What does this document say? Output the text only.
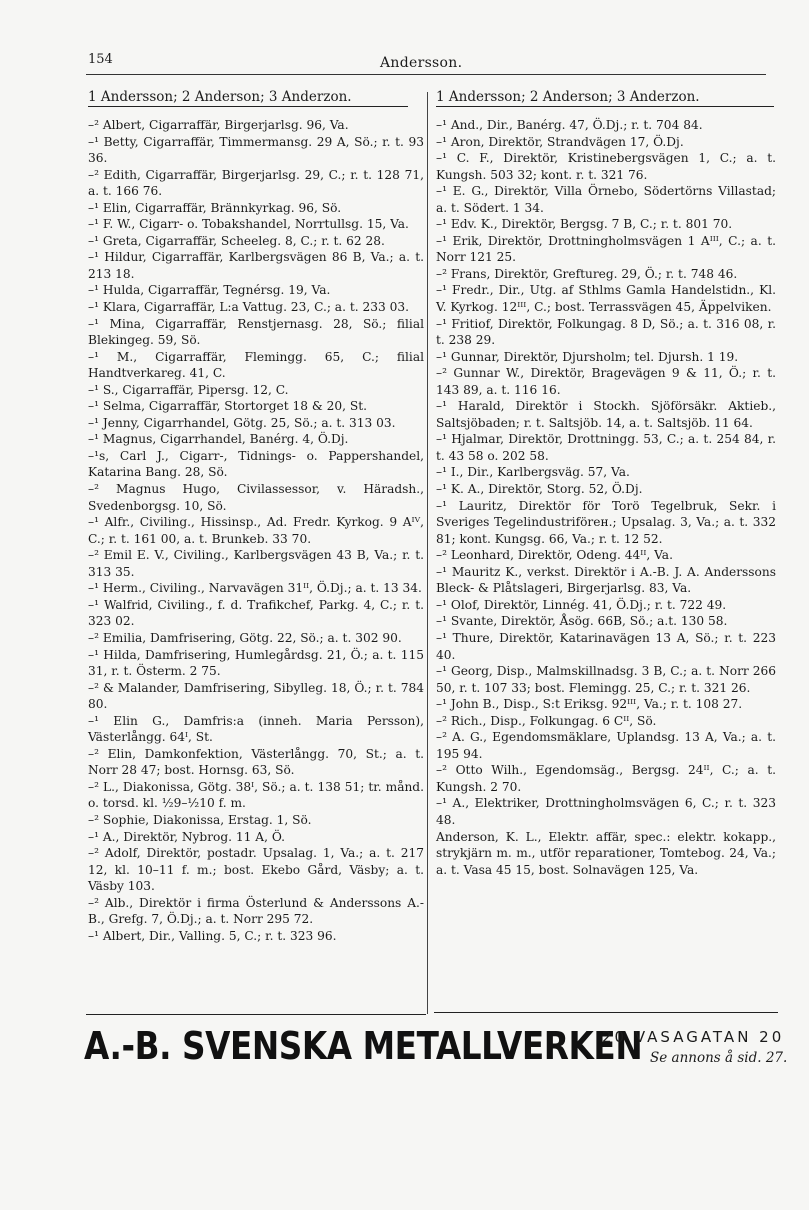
154	Andersson.
1 Andersson; 2 Anderson; 3 Anderzon.	1 Andersson; 2 Anderson; 3 Anderzon.

–² Albert, Cigarraffär, Birgerjarlsg. 96, Va.

–¹ Betty, Cigarraffär, Timmermansg. 29 A, Sö.; r. t. 93 36.

–² Edith, Cigarraffär, Birgerjarlsg. 29, C.; r. t. 128 71, a. t. 166 76.

–¹ Elin, Cigarraffär, Brännkyrkag. 96, Sö.

–¹ F. W., Cigarr- o. Tobakshandel, Norrtullsg. 15, Va.

–¹ Greta, Cigarraffär, Scheeleg. 8, C.; r. t. 62 28.

–¹ Hildur, Cigarraffär, Karlbergsvägen 86 B, Va.; a. t. 213 18.

–¹ Hulda, Cigarraffär, Tegnérsg. 19, Va.

–¹ Klara, Cigarraffär, L:a Vattug. 23, C.; a. t. 233 03.

–¹ Mina, Cigarraffär, Renstjernasg. 28, Sö.; filial Blekingeg. 59, Sö.

–¹ M., Cigarraffär, Flemingg. 65, C.; filial Handtverkareg. 41, C.

–¹ S., Cigarraffär, Pipersg. 12, C.

–¹ Selma, Cigarraffär, Stortorget 18 & 20, St.

–¹ Jenny, Cigarrhandel, Götg. 25, Sö.; a. t. 313 03.

–¹ Magnus, Cigarrhandel, Banérg. 4, Ö.Dj.

–¹s, Carl J., Cigarr-, Tidnings- o. Pappershandel, Katarina Bang. 28, Sö.

–² Magnus Hugo, Civilassessor, v. Häradsh., Svedenborgsg. 10, Sö.

–¹ Alfr., Civiling., Hissinsp., Ad. Fredr. Kyrkog. 9 Aᴵⱽ, C.; r. t. 161 00, a. t. Brunkeb. 33 70.

–² Emil E. V., Civiling., Karlbergsvägen 43 B, Va.; r. t. 313 35.

–¹ Herm., Civiling., Narvavägen 31ᴵᴵ, Ö.Dj.; a. t. 13 34.

–¹ Walfrid, Civiling., f. d. Trafikchef, Parkg. 4, C.; r. t. 323 02.

–² Emilia, Damfrisering, Götg. 22, Sö.; a. t. 302 90.

–¹ Hilda, Damfrisering, Humlegårdsg. 21, Ö.; a. t. 115 31, r. t. Österm. 2 75.

–² & Malander, Damfrisering, Sibylleg. 18, Ö.; r. t. 784 80.

–¹ Elin G., Damfris:a (inneh. Maria Persson), Västerlångg. 64ᴵ, St.

–² Elin, Damkonfektion, Västerlångg. 70, St.; a. t. Norr 28 47; bost. Hornsg. 63, Sö.

–² L., Diakonissa, Götg. 38ᴵ, Sö.; a. t. 138 51; tr. månd. o. torsd. kl. ½9–½10 f. m.

–² Sophie, Diakonissa, Erstag. 1, Sö.

–¹ A., Direktör, Nybrog. 11 A, Ö.

–² Adolf, Direktör, postadr. Upsalag. 1, Va.; a. t. 217 12, kl. 10–11 f. m.; bost. Ekebo Gård, Väsby; a. t. Väsby 103.

–² Alb., Direktör i firma Österlund & Anderssons A.-B., Grefg. 7, Ö.Dj.; a. t. Norr 295 72.

–¹ Albert, Dir., Valling. 5, C.; r. t. 323 96.

–¹ And., Dir., Banérg. 47, Ö.Dj.; r. t. 704 84.

–¹ Aron, Direktör, Strandvägen 17, Ö.Dj.

–¹ C. F., Direktör, Kristinebergsvägen 1, C.; a. t. Kungsh. 503 32; kont. r. t. 321 76.

–¹ E. G., Direktör, Villa Örnebo, Södertörns Villastad; a. t. Södert. 1 34.

–¹ Edv. K., Direktör, Bergsg. 7 B, C.; r. t. 801 70.

–¹ Erik, Direktör, Drottningholmsvägen 1 Aᴵᴵᴵ, C.; a. t. Norr 121 25.

–² Frans, Direktör, Greftureg. 29, Ö.; r. t. 748 46.

–¹ Fredr., Dir., Utg. af Sthlms Gamla Handelstidn., Kl. V. Kyrkog. 12ᴵᴵᴵ, C.; bost. Terrassvägen 45, Äppelviken.

–¹ Fritiof, Direktör, Folkungag. 8 D, Sö.; a. t. 316 08, r. t. 238 29.

–¹ Gunnar, Direktör, Djursholm; tel. Djursh. 1 19.

–² Gunnar W., Direktör, Bragevägen 9 & 11, Ö.; r. t. 143 89, a. t. 116 16.

–¹ Harald, Direktör i Stockh. Sjöförsäkr. Aktieb., Saltsjöbaden; r. t. Saltsjöb. 14, a. t. Saltsjöb. 11 64.

–¹ Hjalmar, Direktör, Drottningg. 53, C.; a. t. 254 84, r. t. 43 58 o. 202 58.

–¹ I., Dir., Karlbergsväg. 57, Va.

–¹ K. A., Direktör, Storg. 52, Ö.Dj.

–¹ Lauritz, Direktör för Torö Tegelbruk, Sekr. i Sveriges Tegelindustriförен.; Upsalag. 3, Va.; a. t. 332 81; kont. Kungsg. 66, Va.; r. t. 12 52.

–² Leonhard, Direktör, Odeng. 44ᴵᴵ, Va.

–¹ Mauritz K., verkst. Direktör i A.-B. J. A. Anderssons Bleck- & Plåtslageri, Birgerjarlsg. 83, Va.

–¹ Olof, Direktör, Linnég. 41, Ö.Dj.; r. t. 722 49.

–¹ Svante, Direktör, Åsög. 66B, Sö.; a.t. 130 58.

–¹ Thure, Direktör, Katarinavägen 13 A, Sö.; r. t. 223 40.

–¹ Georg, Disp., Malmskillnadsg. 3 B, C.; a. t. Norr 266 50, r. t. 107 33; bost. Flemingg. 25, C.; r. t. 321 26.

–¹ John B., Disp., S:t Eriksg. 92ᴵᴵᴵ, Va.; r. t. 108 27.

–² Rich., Disp., Folkungag. 6 Cᴵᴵ, Sö.

–² A. G., Egendomsmäklare, Uplandsg. 13 A, Va.; a. t. 195 94.

–² Otto Wilh., Egendomsäg., Bergsg. 24ᴵᴵ, C.; a. t. Kungsh. 2 70.

–¹ A., Elektriker, Drottningholmsvägen 6, C.; r. t. 323 48.

Anderson, K. L., Elektr. affär, spec.: elektr. kokapp., strykjärn m. m., utför reparationer, Tomtebog. 24, Va.; a. t. Vasa 45 15, bost. Solnavägen 125, Va.

A.-B. SVENSKA METALLVERKEN
20 VASAGATAN 20
Se annons å sid. 27.
